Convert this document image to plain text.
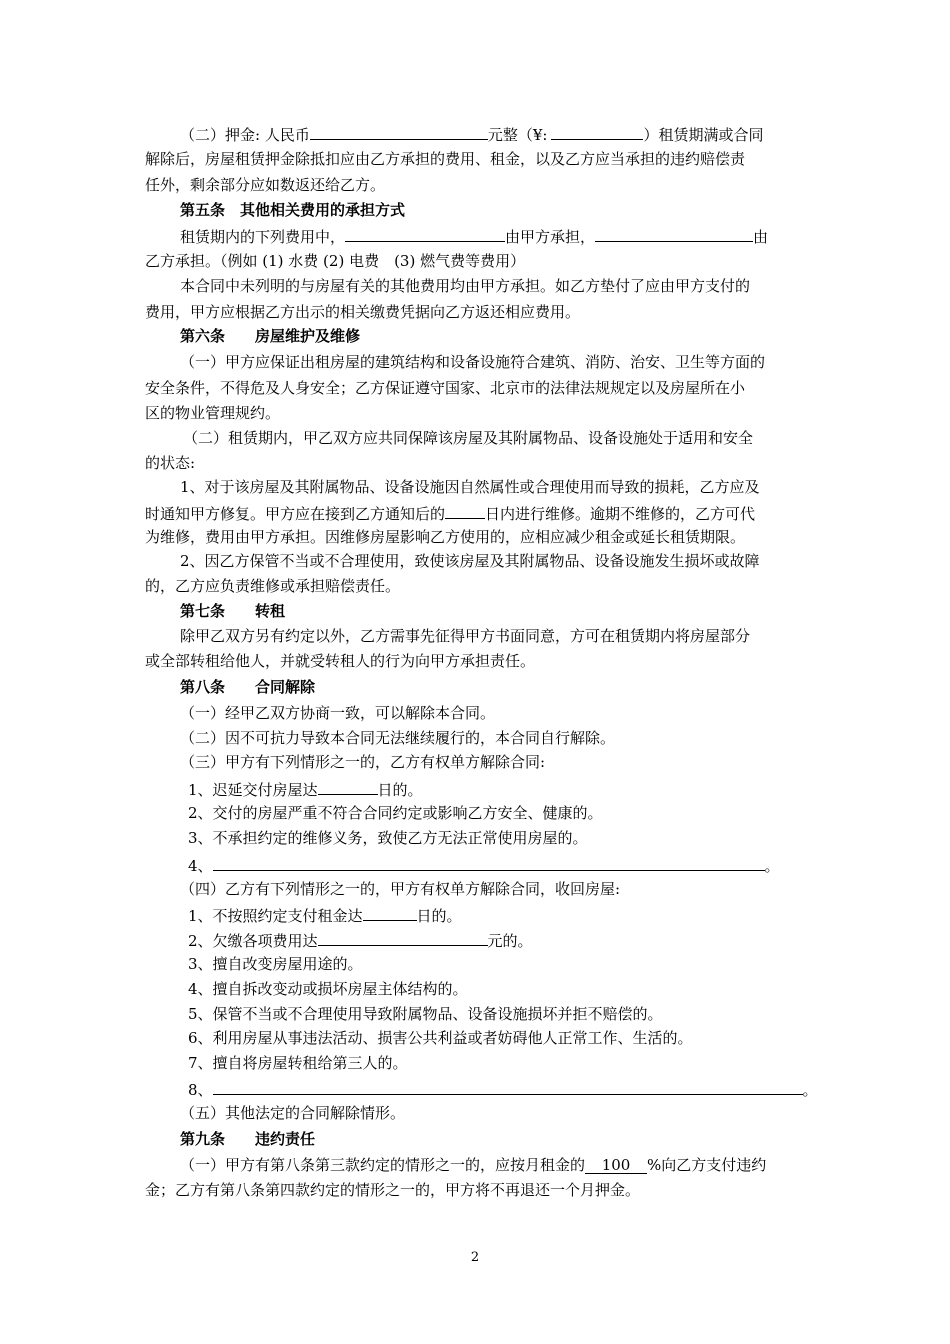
（二）押金: 人民币	元整（¥:	）租赁期满或合同
解除后，房屋租赁押金除抵扣应由乙方承担的费用、租金，以及乙方应当承担的违约赔偿责
任外，剩余部分应如数返还给乙方。
第五条　其他相关费用的承担方式
租赁期内的下列费用中，	由甲方承担，	由
乙方承担。（例如 (1) 水费 (2) 电费　(3) 燃气费等费用）
本合同中未列明的与房屋有关的其他费用均由甲方承担。如乙方垫付了应由甲方支付的
费用，甲方应根据乙方出示的相关缴费凭据向乙方返还相应费用。
第六条　　房屋维护及维修
（一）甲方应保证出租房屋的建筑结构和设备设施符合建筑、消防、治安、卫生等方面的
安全条件，不得危及人身安全；乙方保证遵守国家、北京市的法律法规规定以及房屋所在小
区的物业管理规约。
（二）租赁期内，甲乙双方应共同保障该房屋及其附属物品、设备设施处于适用和安全
的状态:
1、对于该房屋及其附属物品、设备设施因自然属性或合理使用而导致的损耗，乙方应及
时通知甲方修复。甲方应在接到乙方通知后的	日内进行维修。逾期不维修的，乙方可代
为维修，费用由甲方承担。因维修房屋影响乙方使用的，应相应减少租金或延长租赁期限。
2、因乙方保管不当或不合理使用，致使该房屋及其附属物品、设备设施发生损坏或故障
的，乙方应负责维修或承担赔偿责任。
第七条　　转租
除甲乙双方另有约定以外，乙方需事先征得甲方书面同意，方可在租赁期内将房屋部分
或全部转租给他人，并就受转租人的行为向甲方承担责任。
第八条　　合同解除
（一）经甲乙双方协商一致，可以解除本合同。
（二）因不可抗力导致本合同无法继续履行的，本合同自行解除。
（三）甲方有下列情形之一的，乙方有权单方解除合同:
1、迟延交付房屋达	日的。
2、交付的房屋严重不符合合同约定或影响乙方安全、健康的。
3、不承担约定的维修义务，致使乙方无法正常使用房屋的。
4、	。
（四）乙方有下列情形之一的，甲方有权单方解除合同，收回房屋:
1、不按照约定支付租金达	日的。
2、欠缴各项费用达	元的。
3、擅自改变房屋用途的。
4、擅自拆改变动或损坏房屋主体结构的。
5、保管不当或不合理使用导致附属物品、设备设施损坏并拒不赔偿的。
6、利用房屋从事违法活动、损害公共利益或者妨碍他人正常工作、生活的。
7、擅自将房屋转租给第三人的。
8、	。
（五）其他法定的合同解除情形。
第九条　　违约责任
（一）甲方有第八条第三款约定的情形之一的，应按月租金的 100 %向乙方支付违约
金；乙方有第八条第四款约定的情形之一的，甲方将不再退还一个月押金。
2
